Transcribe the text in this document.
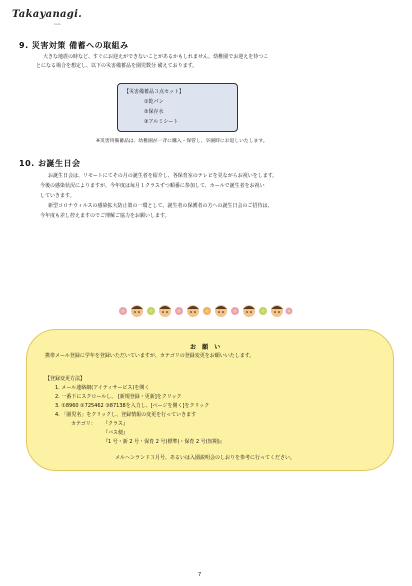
Takayanagi.
nurs
9. 災害対策 備蓄への取組み
大きな地震の時など、すぐにお迎えができないことがあるかもしれません。幼稚園でお迎えを待つこ
とになる場合を想定し、以下の災害備蓄品を園児数分 備えております。
【災害備蓄品３点セット】
①乾パン
②保存水
③アルミシート
※災害用備蓄品は、幼稚園が一斉に購入・保管し、卒園時にお返しいたします。
10. お誕生日会
お誕生日会は、リモートにてその月の誕生者を紹介し、各保育室のテレビを見ながらお祝いをします。
今後の感染状況によりますが、今年度は毎月１クラスずつ順番に参加して、ホールで誕生者をお祝い
していきます。
新型コロナウィルスの感染拡大防止策の一環として、誕生者の保護者の方への誕生日会のご招待は、
今年度も差し控えますのでご理解ご協力をお願いします。
お 願 い
携帯メール登録に学年を登録いただいていますが、カテゴリの登録変更をお願いいたします。
【登録変更方法】
1. メール連絡網(アイティサービス)を開く
2. 一番下にスクロールし、 [新規登録・更新]をクリック
3. ①8960 ②725462 ③87138を入力し、[ページを開く]をクリック
4. 「園児名」をクリックし、登録情報の変更を行っていきます
カテゴリ： 『クラス』
『バス便』
『1 号・新 2 号・保育 2 号(標準)・保育 2 号(短期)』
メルヘンランド３月号、あるいは入園説明会のしおりを参考に行ってください。
7
